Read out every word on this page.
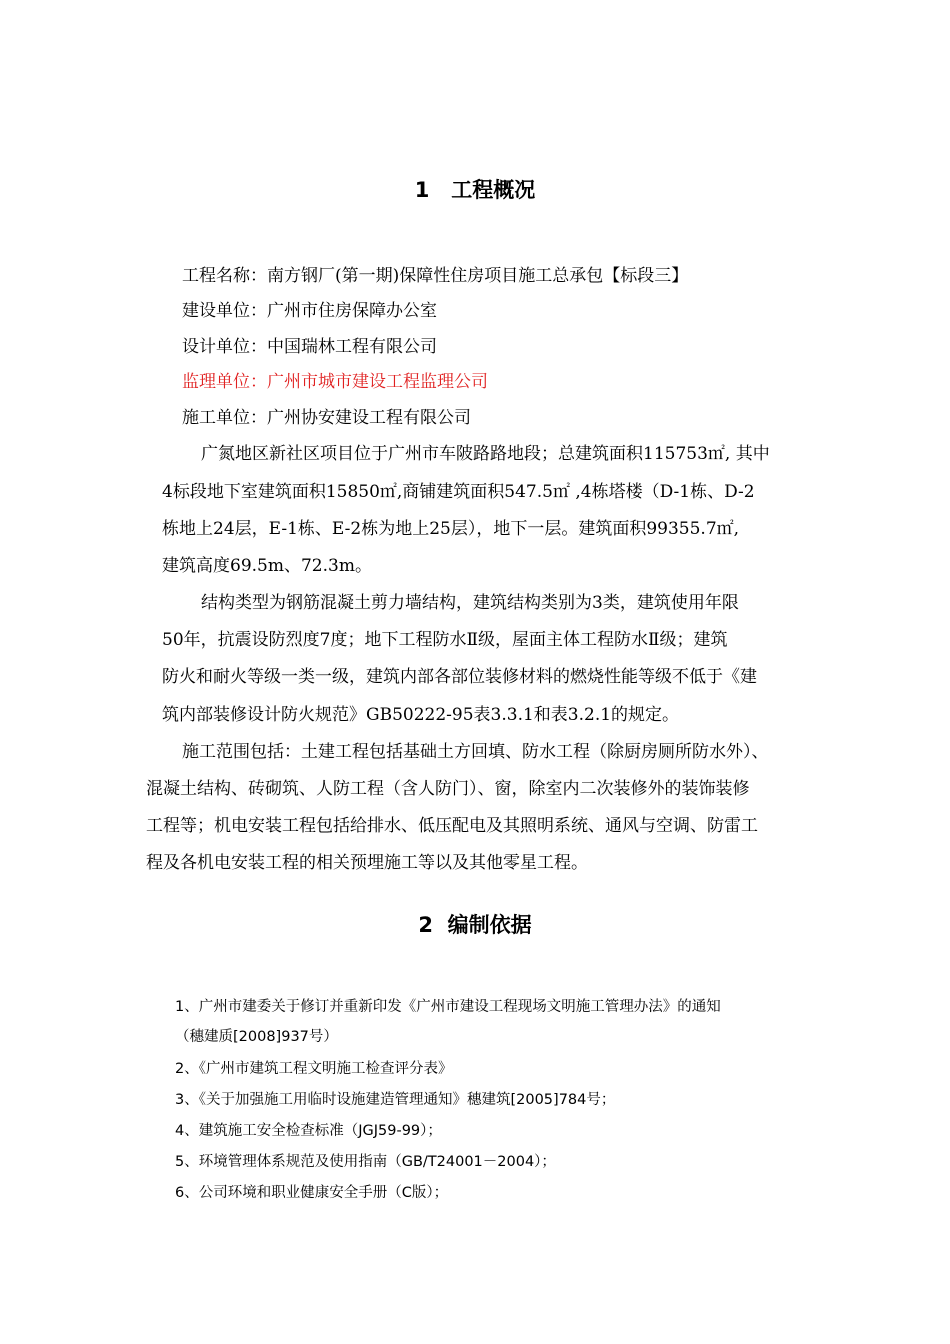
1   工程概况
工程名称：南方钢厂(第一期)保障性住房项目施工总承包【标段三】
建设单位：广州市住房保障办公室
设计单位：中国瑞林工程有限公司
监理单位：广州市城市建设工程监理公司
施工单位：广州协安建设工程有限公司
广氮地区新社区项目位于广州市车陂路路地段；总建筑面积115753㎡, 其中
4标段地下室建筑面积15850㎡,商铺建筑面积547.5㎡ ,4栋塔楼（D-1栋、D-2
栋地上24层，E-1栋、E-2栋为地上25层），地下一层。建筑面积99355.7㎡,
建筑高度69.5m、72.3m。
结构类型为钢筋混凝土剪力墙结构，建筑结构类别为3类，建筑使用年限
50年，抗震设防烈度7度；地下工程防水Ⅱ级，屋面主体工程防水Ⅱ级；建筑
防火和耐火等级一类一级，建筑内部各部位装修材料的燃烧性能等级不低于《建
筑内部装修设计防火规范》GB50222-95表3.3.1和表3.2.1的规定。
施工范围包括：土建工程包括基础土方回填、防水工程（除厨房厕所防水外）、
混凝土结构、砖砌筑、人防工程（含人防门）、窗，除室内二次装修外的装饰装修
工程等；机电安装工程包括给排水、低压配电及其照明系统、通风与空调、防雷工
程及各机电安装工程的相关预埋施工等以及其他零星工程。
2  编制依据
1、广州市建委关于修订并重新印发《广州市建设工程现场文明施工管理办法》的通知
（穗建质[2008]937号）
2、《广州市建筑工程文明施工检查评分表》
3、《关于加强施工用临时设施建造管理通知》穗建筑[2005]784号；
4、建筑施工安全检查标准（JGJ59-99）；
5、环境管理体系规范及使用指南（GB/T24001－2004）；
6、公司环境和职业健康安全手册（C版）；
